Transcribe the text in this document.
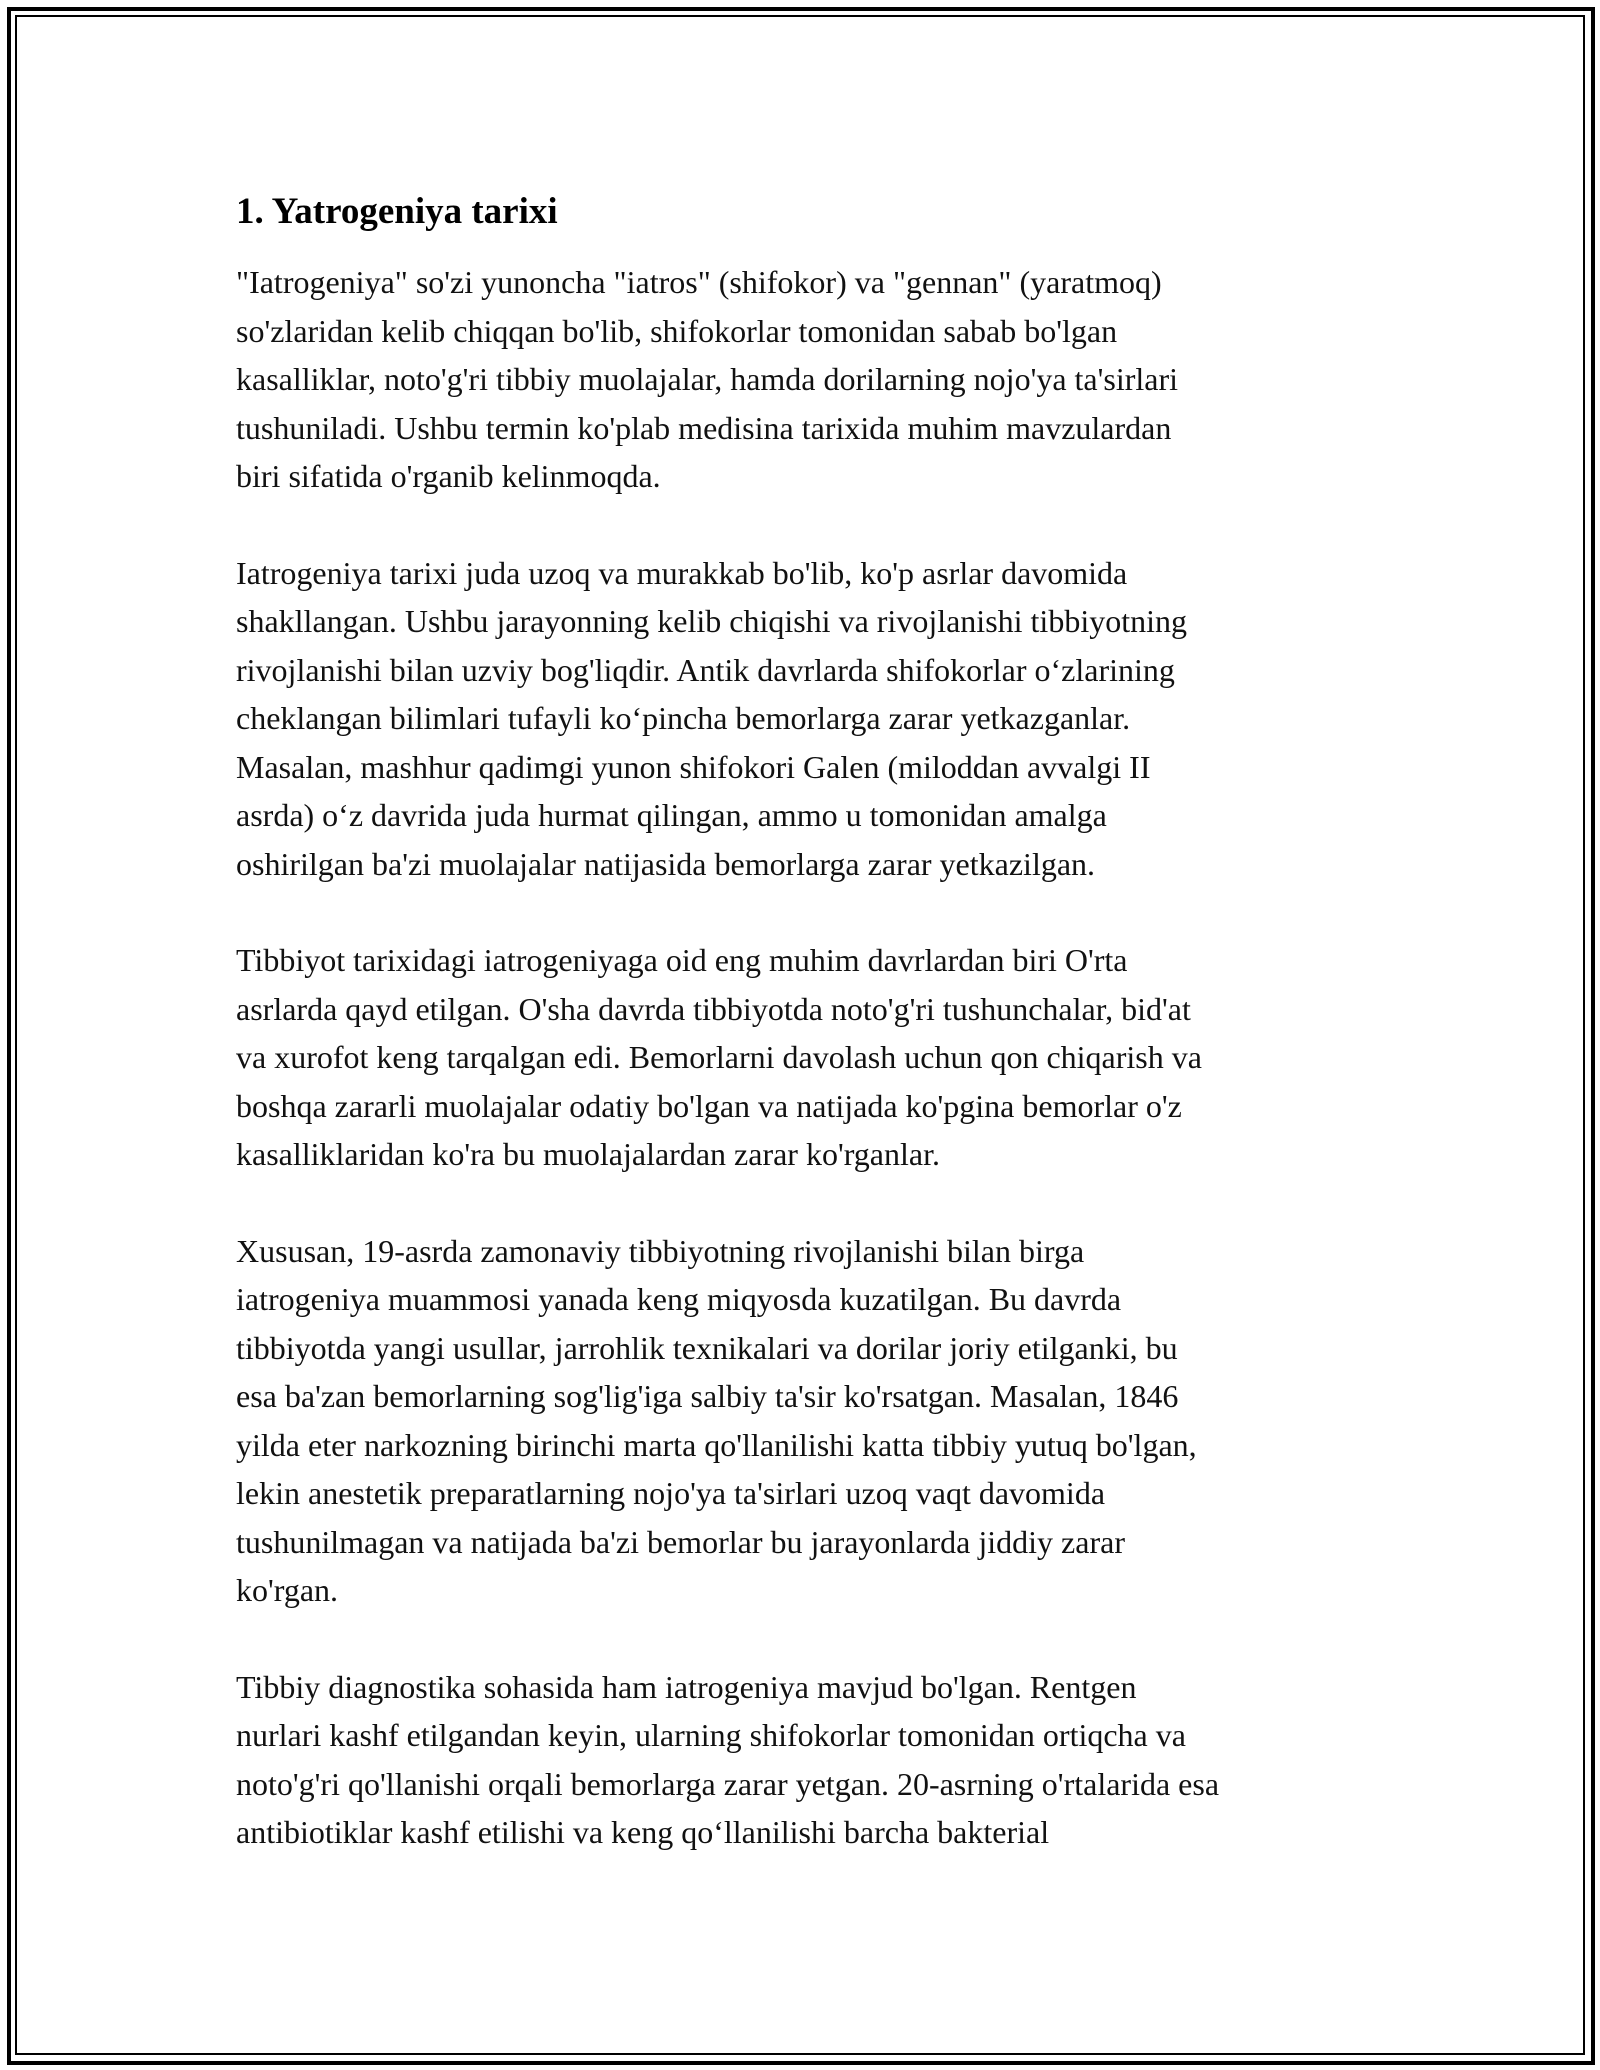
1. Yatrogeniya tarixi

"Iatrogeniya" so'zi yunoncha "iatros" (shifokor) va "gennan" (yaratmoq)
so'zlaridan kelib chiqqan bo'lib, shifokorlar tomonidan sabab bo'lgan
kasalliklar, noto'g'ri tibbiy muolajalar, hamda dorilarning nojo'ya ta'sirlari
tushuniladi. Ushbu termin ko'plab medisina tarixida muhim mavzulardan
biri sifatida o'rganib kelinmoqda.

Iatrogeniya tarixi juda uzoq va murakkab bo'lib, ko'p asrlar davomida
shakllangan. Ushbu jarayonning kelib chiqishi va rivojlanishi tibbiyotning
rivojlanishi bilan uzviy bog'liqdir. Antik davrlarda shifokorlar o‘zlarining
cheklangan bilimlari tufayli ko‘pincha bemorlarga zarar yetkazganlar.
Masalan, mashhur qadimgi yunon shifokori Galen (miloddan avvalgi II
asrda) o‘z davrida juda hurmat qilingan, ammo u tomonidan amalga
oshirilgan ba'zi muolajalar natijasida bemorlarga zarar yetkazilgan.

Tibbiyot tarixidagi iatrogeniyaga oid eng muhim davrlardan biri O'rta
asrlarda qayd etilgan. O'sha davrda tibbiyotda noto'g'ri tushunchalar, bid'at
va xurofot keng tarqalgan edi. Bemorlarni davolash uchun qon chiqarish va
boshqa zararli muolajalar odatiy bo'lgan va natijada ko'pgina bemorlar o'z
kasalliklaridan ko'ra bu muolajalardan zarar ko'rganlar.

Xususan, 19-asrda zamonaviy tibbiyotning rivojlanishi bilan birga
iatrogeniya muammosi yanada keng miqyosda kuzatilgan. Bu davrda
tibbiyotda yangi usullar, jarrohlik texnikalari va dorilar joriy etilganki, bu
esa ba'zan bemorlarning sog'lig'iga salbiy ta'sir ko'rsatgan. Masalan, 1846
yilda eter narkozning birinchi marta qo'llanilishi katta tibbiy yutuq bo'lgan,
lekin anestetik preparatlarning nojo'ya ta'sirlari uzoq vaqt davomida
tushunilmagan va natijada ba'zi bemorlar bu jarayonlarda jiddiy zarar
ko'rgan.

Tibbiy diagnostika sohasida ham iatrogeniya mavjud bo'lgan. Rentgen
nurlari kashf etilgandan keyin, ularning shifokorlar tomonidan ortiqcha va
noto'g'ri qo'llanishi orqali bemorlarga zarar yetgan. 20-asrning o'rtalarida esa
antibiotiklar kashf etilishi va keng qo‘llanilishi barcha bakterial
